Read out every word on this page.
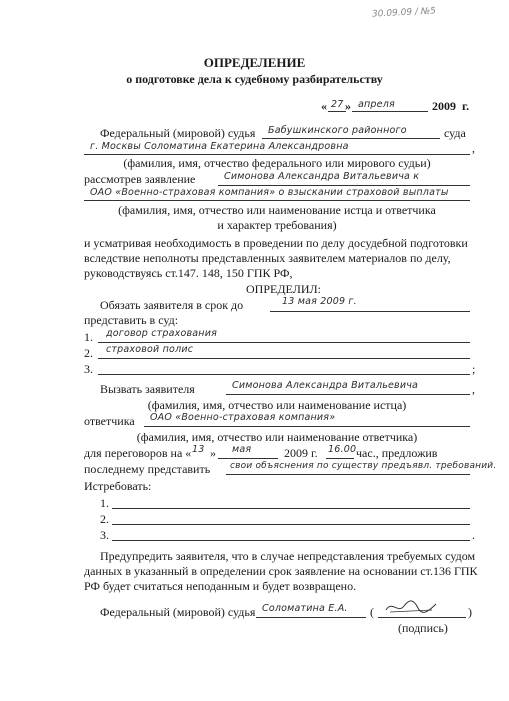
30.09.09 / №5
ОПРЕДЕЛЕНИЕ
о подготовке дела к судебному разбирательству
« 27 » апреля	2009 г.
Федеральный (мировой) судья Бабушкинского районного	суда
г. Москвы Соломатина Екатерина Александровна	,
(фамилия, имя, отчество федерального или мирового судьи)
рассмотрев заявление	Симонова Александра Витальевича к
ОАО «Военно-страховая компания» о взыскании страховой выплаты
(фамилия, имя, отчество или наименование истца и ответчика
и характер требования)
и усматривая необходимость в проведении по делу досудебной подготовки
вследствие неполноты представленных заявителем материалов по делу,
руководствуясь ст.147. 148, 150 ГПК РФ,
ОПРЕДЕЛИЛ:
Обязать заявителя в срок до	13 мая 2009 г.
представить в суд:
1. договор страхования
2. страховой полис
3.	;
Вызвать заявителя	Симонова Александра Витальевича	,
(фамилия, имя, отчество или наименование истца)
ответчика ОАО «Военно-страховая компания»
(фамилия, имя, отчество или наименование ответчика)
для переговоров на « 13 » мая	2009 г. 16.00 час., предложив
последнему представить свои объяснения по существу предъявл. требований.
Истребовать:
1.
2.
3.	.
Предупредить заявителя, что в случае непредставления требуемых судом
данных в указанный в определении срок заявление на основании ст.136 ГПК
РФ будет считаться неподанным и будет возвращено.
Федеральный (мировой) судья Соломатина Е.А. (	)
(подпись)
